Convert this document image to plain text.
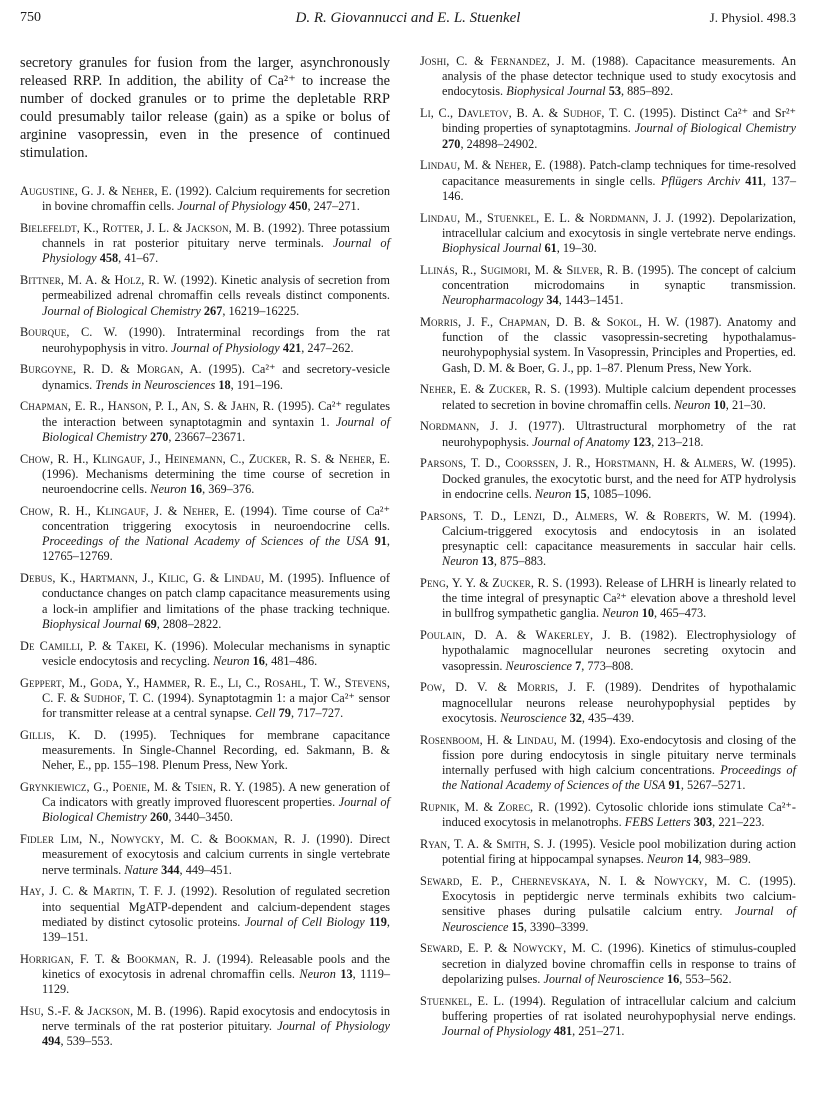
750	D. R. Giovannucci and E. L. Stuenkel	J. Physiol. 498.3

secretory granules for fusion from the larger, asynchronously released RRP. In addition, the ability of Ca²⁺ to increase the number of docked granules or to prime the depletable RRP could presumably tailor release (gain) as a spike or bolus of arginine vasopressin, even in the presence of continued stimulation.

Augustine, G. J. & Neher, E. (1992). Calcium requirements for secretion in bovine chromaffin cells. Journal of Physiology 450, 247–271.
Bielefeldt, K., Rotter, J. L. & Jackson, M. B. (1992). Three potassium channels in rat posterior pituitary nerve terminals. Journal of Physiology 458, 41–67.
Bittner, M. A. & Holz, R. W. (1992). Kinetic analysis of secretion from permeabilized adrenal chromaffin cells reveals distinct components. Journal of Biological Chemistry 267, 16219–16225.
Bourque, C. W. (1990). Intraterminal recordings from the rat neurohypophysis in vitro. Journal of Physiology 421, 247–262.
Burgoyne, R. D. & Morgan, A. (1995). Ca²⁺ and secretory-vesicle dynamics. Trends in Neurosciences 18, 191–196.
Chapman, E. R., Hanson, P. I., An, S. & Jahn, R. (1995). Ca²⁺ regulates the interaction between synaptotagmin and syntaxin 1. Journal of Biological Chemistry 270, 23667–23671.
Chow, R. H., Klingauf, J., Heinemann, C., Zucker, R. S. & Neher, E. (1996). Mechanisms determining the time course of secretion in neuroendocrine cells. Neuron 16, 369–376.
Chow, R. H., Klingauf, J. & Neher, E. (1994). Time course of Ca²⁺ concentration triggering exocytosis in neuroendocrine cells. Proceedings of the National Academy of Sciences of the USA 91, 12765–12769.
Debus, K., Hartmann, J., Kilic, G. & Lindau, M. (1995). Influence of conductance changes on patch clamp capacitance measurements using a lock-in amplifier and limitations of the phase tracking technique. Biophysical Journal 69, 2808–2822.
De Camilli, P. & Takei, K. (1996). Molecular mechanisms in synaptic vesicle endocytosis and recycling. Neuron 16, 481–486.
Geppert, M., Goda, Y., Hammer, R. E., Li, C., Rosahl, T. W., Stevens, C. F. & Sudhof, T. C. (1994). Synaptotagmin 1: a major Ca²⁺ sensor for transmitter release at a central synapse. Cell 79, 717–727.
Gillis, K. D. (1995). Techniques for membrane capacitance measurements. In Single-Channel Recording, ed. Sakmann, B. & Neher, E., pp. 155–198. Plenum Press, New York.
Grynkiewicz, G., Poenie, M. & Tsien, R. Y. (1985). A new generation of Ca indicators with greatly improved fluorescent properties. Journal of Biological Chemistry 260, 3440–3450.
Fidler Lim, N., Nowycky, M. C. & Bookman, R. J. (1990). Direct measurement of exocytosis and calcium currents in single vertebrate nerve terminals. Nature 344, 449–451.
Hay, J. C. & Martin, T. F. J. (1992). Resolution of regulated secretion into sequential MgATP-dependent and calcium-dependent stages mediated by distinct cytosolic proteins. Journal of Cell Biology 119, 139–151.
Horrigan, F. T. & Bookman, R. J. (1994). Releasable pools and the kinetics of exocytosis in adrenal chromaffin cells. Neuron 13, 1119–1129.
Hsu, S.-F. & Jackson, M. B. (1996). Rapid exocytosis and endocytosis in nerve terminals of the rat posterior pituitary. Journal of Physiology 494, 539–553.
Joshi, C. & Fernandez, J. M. (1988). Capacitance measurements. An analysis of the phase detector technique used to study exocytosis and endocytosis. Biophysical Journal 53, 885–892.
Li, C., Davletov, B. A. & Sudhof, T. C. (1995). Distinct Ca²⁺ and Sr²⁺ binding properties of synaptotagmins. Journal of Biological Chemistry 270, 24898–24902.
Lindau, M. & Neher, E. (1988). Patch-clamp techniques for time-resolved capacitance measurements in single cells. Pflügers Archiv 411, 137–146.
Lindau, M., Stuenkel, E. L. & Nordmann, J. J. (1992). Depolarization, intracellular calcium and exocytosis in single vertebrate nerve endings. Biophysical Journal 61, 19–30.
Llinás, R., Sugimori, M. & Silver, R. B. (1995). The concept of calcium concentration microdomains in synaptic transmission. Neuropharmacology 34, 1443–1451.
Morris, J. F., Chapman, D. B. & Sokol, H. W. (1987). Anatomy and function of the classic vasopressin-secreting hypothalamus-neurohypophysial system. In Vasopressin, Principles and Properties, ed. Gash, D. M. & Boer, G. J., pp. 1–87. Plenum Press, New York.
Neher, E. & Zucker, R. S. (1993). Multiple calcium dependent processes related to secretion in bovine chromaffin cells. Neuron 10, 21–30.
Nordmann, J. J. (1977). Ultrastructural morphometry of the rat neurohypophysis. Journal of Anatomy 123, 213–218.
Parsons, T. D., Coorssen, J. R., Horstmann, H. & Almers, W. (1995). Docked granules, the exocytotic burst, and the need for ATP hydrolysis in endocrine cells. Neuron 15, 1085–1096.
Parsons, T. D., Lenzi, D., Almers, W. & Roberts, W. M. (1994). Calcium-triggered exocytosis and endocytosis in an isolated presynaptic cell: capacitance measurements in saccular hair cells. Neuron 13, 875–883.
Peng, Y. Y. & Zucker, R. S. (1993). Release of LHRH is linearly related to the time integral of presynaptic Ca²⁺ elevation above a threshold level in bullfrog sympathetic ganglia. Neuron 10, 465–473.
Poulain, D. A. & Wakerley, J. B. (1982). Electrophysiology of hypothalamic magnocellular neurones secreting oxytocin and vasopressin. Neuroscience 7, 773–808.
Pow, D. V. & Morris, J. F. (1989). Dendrites of hypothalamic magnocellular neurons release neurohypophysial peptides by exocytosis. Neuroscience 32, 435–439.
Rosenboom, H. & Lindau, M. (1994). Exo-endocytosis and closing of the fission pore during endocytosis in single pituitary nerve terminals internally perfused with high calcium concentrations. Proceedings of the National Academy of Sciences of the USA 91, 5267–5271.
Rupnik, M. & Zorec, R. (1992). Cytosolic chloride ions stimulate Ca²⁺-induced exocytosis in melanotrophs. FEBS Letters 303, 221–223.
Ryan, T. A. & Smith, S. J. (1995). Vesicle pool mobilization during action potential firing at hippocampal synapses. Neuron 14, 983–989.
Seward, E. P., Chernevskaya, N. I. & Nowycky, M. C. (1995). Exocytosis in peptidergic nerve terminals exhibits two calcium-sensitive phases during pulsatile calcium entry. Journal of Neuroscience 15, 3390–3399.
Seward, E. P. & Nowycky, M. C. (1996). Kinetics of stimulus-coupled secretion in dialyzed bovine chromaffin cells in response to trains of depolarizing pulses. Journal of Neuroscience 16, 553–562.
Stuenkel, E. L. (1994). Regulation of intracellular calcium and calcium buffering properties of rat isolated neurohypophysial nerve endings. Journal of Physiology 481, 251–271.
